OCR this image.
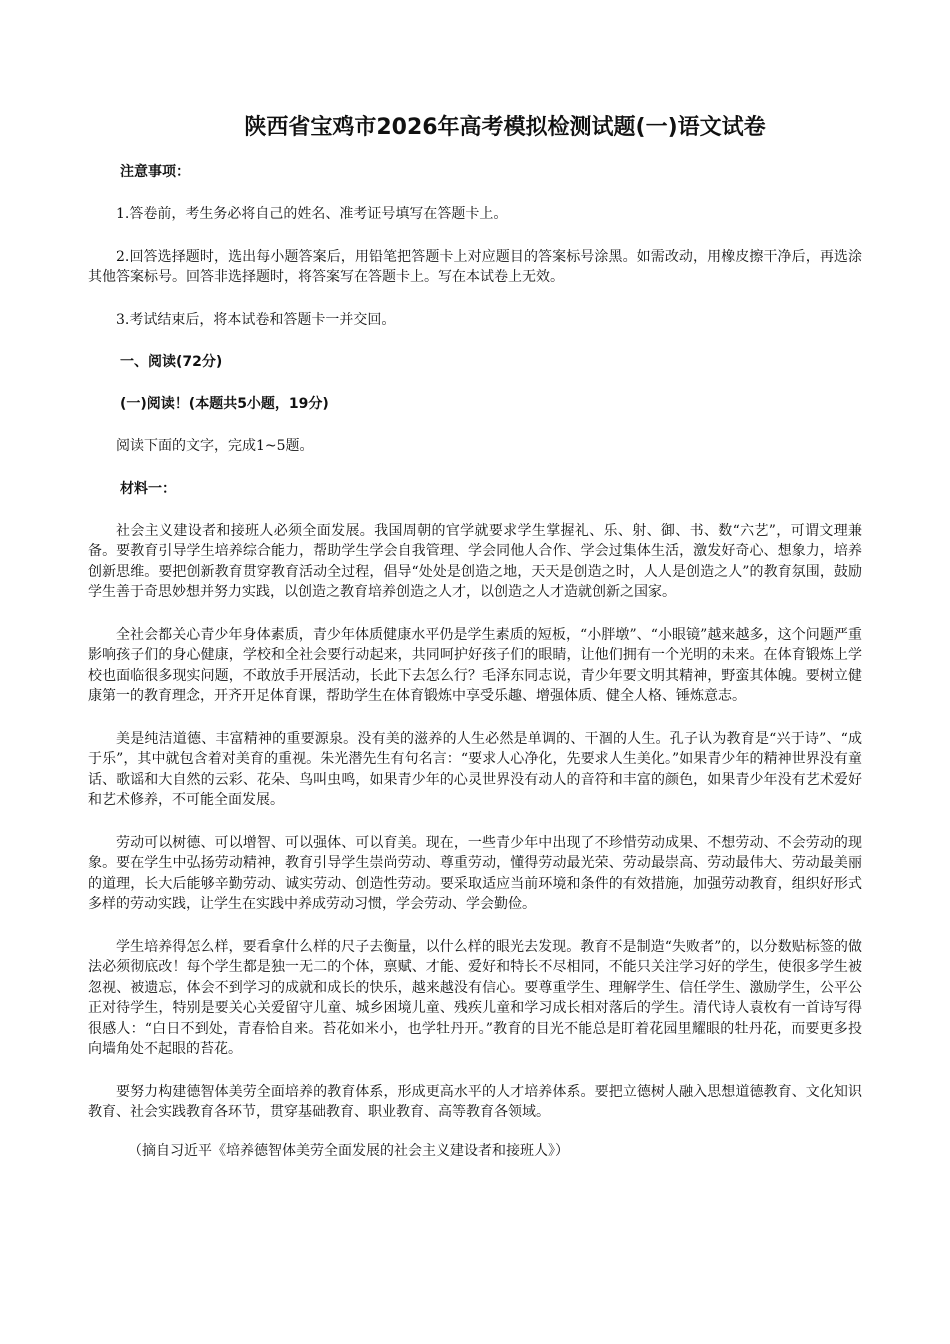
陕西省宝鸡市2026年高考模拟检测试题(一)语文试卷
注意事项：

1.答卷前，考生务必将自己的姓名、准考证号填写在答题卡上。

2.回答选择题时，选出每小题答案后，用铅笔把答题卡上对应题目的答案标号涂黑。如需改动，用橡皮擦干净后，再选涂其他答案标号。回答非选择题时，将答案写在答题卡上。写在本试卷上无效。

3.考试结束后，将本试卷和答题卡一并交回。

一、阅读(72分)
(一)阅读！(本题共5小题，19分)

阅读下面的文字，完成1~5题。

材料一：

社会主义建设者和接班人必须全面发展。我国周朝的官学就要求学生掌握礼、乐、射、御、书、数“六艺”，可谓文理兼备。要教育引导学生培养综合能力，帮助学生学会自我管理、学会同他人合作、学会过集体生活，激发好奇心、想象力，培养创新思维。要把创新教育贯穿教育活动全过程，倡导“处处是创造之地，天天是创造之时，人人是创造之人”的教育氛围，鼓励学生善于奇思妙想并努力实践，以创造之教育培养创造之人才，以创造之人才造就创新之国家。

全社会都关心青少年身体素质，青少年体质健康水平仍是学生素质的短板，“小胖墩”、“小眼镜”越来越多，这个问题严重影响孩子们的身心健康，学校和全社会要行动起来，共同呵护好孩子们的眼睛，让他们拥有一个光明的未来。在体育锻炼上学校也面临很多现实问题，不敢放手开展活动，长此下去怎么行？毛泽东同志说，青少年要文明其精神，野蛮其体魄。要树立健康第一的教育理念，开齐开足体育课，帮助学生在体育锻炼中享受乐趣、增强体质、健全人格、锤炼意志。

美是纯洁道德、丰富精神的重要源泉。没有美的滋养的人生必然是单调的、干涸的人生。孔子认为教育是“兴于诗”、“成于乐”，其中就包含着对美育的重视。朱光潜先生有句名言：“要求人心净化，先要求人生美化。”如果青少年的精神世界没有童话、歌谣和大自然的云彩、花朵、鸟叫虫鸣，如果青少年的心灵世界没有动人的音符和丰富的颜色，如果青少年没有艺术爱好和艺术修养，不可能全面发展。

劳动可以树德、可以增智、可以强体、可以育美。现在，一些青少年中出现了不珍惜劳动成果、不想劳动、不会劳动的现象。要在学生中弘扬劳动精神，教育引导学生崇尚劳动、尊重劳动，懂得劳动最光荣、劳动最崇高、劳动最伟大、劳动最美丽的道理，长大后能够辛勤劳动、诚实劳动、创造性劳动。要采取适应当前环境和条件的有效措施，加强劳动教育，组织好形式多样的劳动实践，让学生在实践中养成劳动习惯，学会劳动、学会勤俭。

学生培养得怎么样，要看拿什么样的尺子去衡量，以什么样的眼光去发现。教育不是制造“失败者”的，以分数贴标签的做法必须彻底改！每个学生都是独一无二的个体，禀赋、才能、爱好和特长不尽相同，不能只关注学习好的学生，使很多学生被忽视、被遗忘，体会不到学习的成就和成长的快乐，越来越没有信心。要尊重学生、理解学生、信任学生、激励学生，公平公正对待学生，特别是要关心关爱留守儿童、城乡困境儿童、残疾儿童和学习成长相对落后的学生。清代诗人袁枚有一首诗写得很感人：“白日不到处，青春恰自来。苔花如米小，也学牡丹开。”教育的目光不能总是盯着花园里耀眼的牡丹花，而要更多投向墙角处不起眼的苔花。

要努力构建德智体美劳全面培养的教育体系，形成更高水平的人才培养体系。要把立德树人融入思想道德教育、文化知识教育、社会实践教育各环节，贯穿基础教育、职业教育、高等教育各领域。

（摘自习近平《培养德智体美劳全面发展的社会主义建设者和接班人》）
